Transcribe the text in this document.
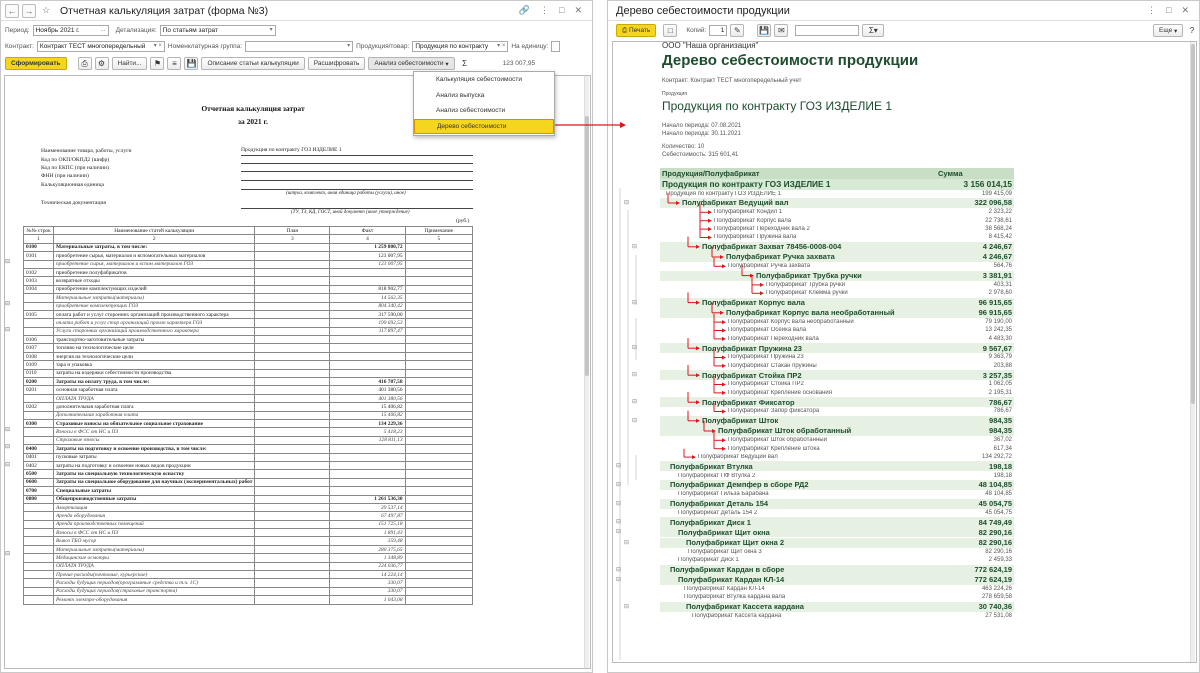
← → ☆ Отчетная калькуляция затрат (форма №3)	🔗 ⋮ □ ✕
Период: Ноябрь 2021 г.	... Детализация: По статьям затрат	▾
Контракт: Контракт ТЕСТ многопередельный ▾ × Номенклатурная группа:	▾ Продукция/товар: Продукция по контракту ▾ × На единицу:
Сформировать	⎙	⚙	Найти...	⚑	≡	💾	Описание статьи калькуляции	Расшифровать	Анализ себестоимости
▾	Σ	123 007,95
Отчетная калькуляция затрат
за 2021 г.
Наименование товара, работы, услуги
Код по ОКП/ОКПД2 (шифр)
Код по ЕКПС (при наличии)
ФНН (при наличии)
Калькуляционная единица
Техническая документация
Продукция по контракту ГОЗ ИЗДЕЛИЕ 1
(штука, комплект, иная единица работы (услуги), иное)
(ТУ, ТЗ, КД, ГОСТ, иной документ (иное утверждение)
(руб.)
№№ строк	Наименование статей калькуляции	План	Факт	Примечание
1	2	3	4	5
0100	Материальные затраты, в том числе:		1 259 800,72	
0101	приобретение сырья, материалов и вспомогательных материалов		123 007,95	
	приобретение сырья, материалов и вспом материалов ГОЗ		123 007,95	
0102	приобретение полуфабрикатов			
0103	возвратные отходы			
0104	приобретение комплектующих изделий		818 902,77	
	Материальные затраты(материалы)		14 562,35	
	приобретение комплектующих ГОЗ		804 340,42	
0105	оплата работ и услуг сторонних организаций производственного характера		317 590,00	
	оплата работ и услуг стор организаций произв характера ГОЗ		199 692,53	
	Услуги сторонних организаций производственного характера		117 897,47	
0106	транспортно-заготовительные затраты			
0107	топливо на технологические цели			
0108	энергия на технологические цели			
0109	тара и упаковка			
0110	затраты на издержки себестоимости производства			
0200	Затраты на оплату труда, в том числе:		416 787,58	
0201	основная заработная плата		401 380,56	
	ОПЛАТА ТРУДА		401 380,56	
0202	дополнительная заработная плата		15 406,82	
	Дополнительная заработная плата		15 406,82	
0300	Страховые взносы на обязательное социальное страхование		134 229,36	
	Взносы в ФСС от НС и ПЗ		5 418,23	
	Страховые взносы		128 811,13	
0400	Затраты на подготовку и освоение производства, в том числе:			
0401	пусковые затраты			
0402	затраты на подготовку и освоение новых видов продукции			
0500	Затраты на специальную технологическую оснастку			
0600	Затраты на специальное оборудование для научных (экспериментальных) работ			
0700	Специальные затраты			
0800	Общепроизводственные затраты		1 261 536,30	
	Амортизация		39 537,14	
	Аренда оборудования		67 497,87	
	Аренда производственных помещений		151 725,18	
	Взносы в ФСС от НС и ПЗ		1 891,43	
	Вывоз ТБО мусор		359,48	
	Материальные затраты(материалы)		280 375,65	
	Медицинские осмотры		1 348,89	
	ОПЛАТА ТРУДА		234 036,77	
	Прочие расходы(почтовые, курьерские)		14 224,14	
	Расходы будущих периодов(программные средства и т.ч. 1С)		330,07	
	Расходы будущих периодов(страховые транспорта)		330,07	
	Ремонт электро-оборудования		1 043,08	
⊟
⊟
⊟
⊟
⊟
⊟
⊟
Калькуляция себестоимости
Анализ выпуска
Анализ себестоимости
Дерево себестоимости
Дерево себестоимости продукции	⋮ □ ✕
⎙
Печать	□	Копий: 1	✎	💾	✉	Σ▾	Еще
▾	?
ООО "Наша организация"
Дерево себестоимости продукции
Контракт: Контракт ТЕСТ многопередельный учет
Продукция
Продукция по контракту ГОЗ ИЗДЕЛИЕ 1
Начало периода: 07.08.2021
Начало периода: 30.11.2021
Количество: 10
Себестоимость: 315 601,41
Продукция/Полуфабрикат	Сумма
Продукция по контракту ГОЗ ИЗДЕЛИЕ 1	3 156 014,15
Продукция по контракту ГОЗ ИЗДЕЛИЕ 1	199 415,09
Полуфабрикат Ведущий вал	322 096,58
Полуфабрикат Кондил 1	2 323,22
Полуфабрикат Корпус вала	22 738,61
Полуфабрикат Переходник вала 2	38 568,24
Полуфабрикат Пружина вала	8 415,42
Полуфабрикат Захват 78456-0008-004	4 246,67
Полуфабрикат Ручка захвата	4 246,67
Полуфабрикат Ручка захвата	564,76
Полуфабрикат Трубка ручки	3 381,91
Полуфабрикат Трубка ручки	403,31
Полуфабрикат Клемма ручки	2 978,60
Полуфабрикат Корпус вала	96 915,65
Полуфабрикат Корпус вала необработанный	96 915,65
Полуфабрикат Корпус вала необработанный	79 190,00
Полуфабрикат Осейка вала	13 242,35
Полуфабрикат Переходник вала	4 483,30
Полуфабрикат Пружина 23	9 567,67
Полуфабрикат Пружина 23	9 363,79
Полуфабрикат Стакан пружины	203,88
Полуфабрикат Стойка ПР2	3 257,35
Полуфабрикат Стойка ПР2	1 062,05
Полуфабрикат Крепление основания	2 195,31
Полуфабрикат Фиксатор	786,67
Полуфабрикат Запор фиксатора	786,67
Полуфабрикат Шток	984,35
Полуфабрикат Шток обработанный	984,35
Полуфабрикат Шток обработанный	367,02
Полуфабрикат Крепление штока	617,34
Полуфабрикат Ведущий вал	134 292,72
Полуфабрикат Втулка	198,18
Полуфабрикат ПФ Втулка 2	198,18
Полуфабрикат Демпфер в сборе РД2	48 104,85
Полуфабрикат Гильза Барабана	48 104,85
Полуфабрикат Деталь 154	45 054,75
Полуфабрикат Деталь 154 2	45 054,75
Полуфабрикат Диск 1	84 749,49
Полуфабрикат Щит окна	82 290,16
Полуфабрикат Щит окна 2	82 290,16
Полуфабрикат Щит окна 3	82 290,16
Полуфабрикат Диск 1	2 459,33
Полуфабрикат Кардан в сборе	772 624,19
Полуфабрикат Кардан КЛ-14	772 624,19
Полуфабрикат Кардан КЛ-14	463 224,26
Полуфабрикат Втулка кардана вала	278 659,58
Полуфабрикат Кассета кардана	30 740,36
Полуфабрикат Кассета кардана	27 531,08
⊟
⊟
⊟
⊟
⊟
⊟
⊟
⊟
⊟
⊟
⊟
⊟
⊟
⊟
⊟
⊟
